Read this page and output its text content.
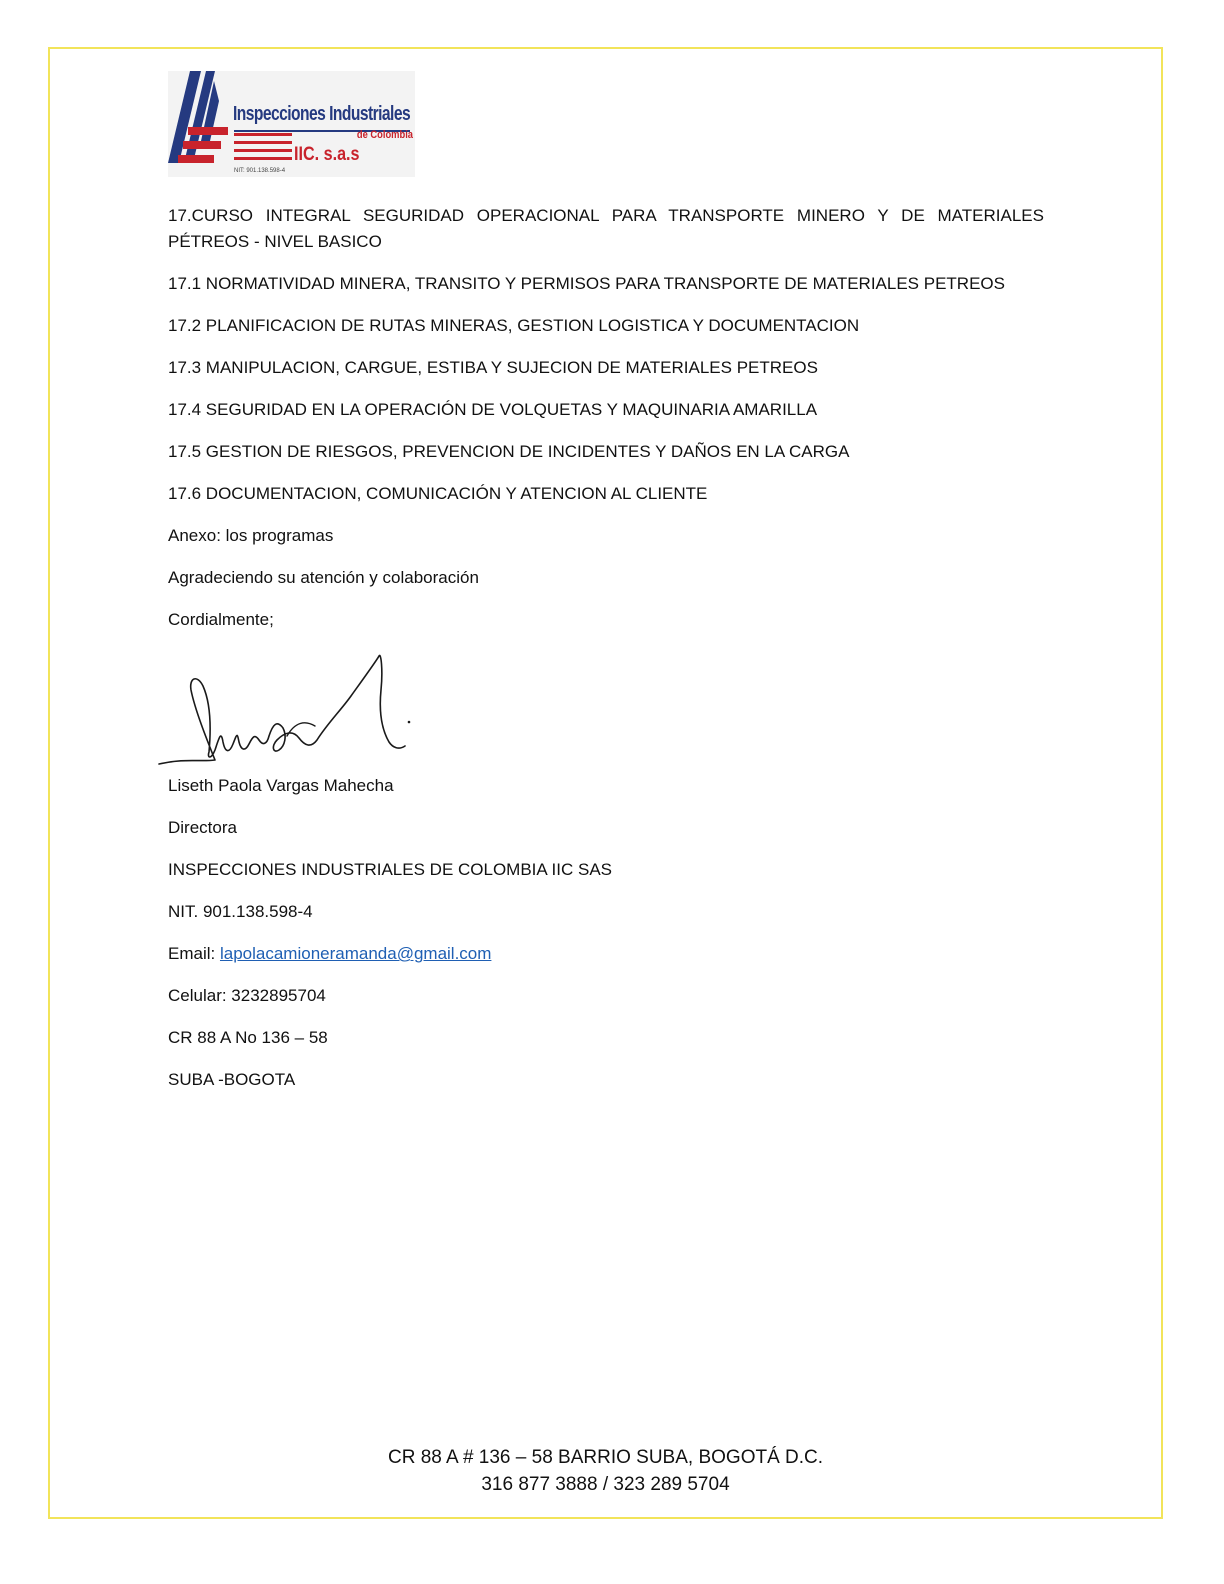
Inspecciones Industriales
de Colombia
IIC. s.a.s
NIT: 901.138.598-4

17.CURSO INTEGRAL SEGURIDAD OPERACIONAL PARA TRANSPORTE MINERO Y DE MATERIALES PÉTREOS - NIVEL BASICO

17.1 NORMATIVIDAD MINERA, TRANSITO Y PERMISOS PARA TRANSPORTE DE MATERIALES PETREOS

17.2 PLANIFICACION DE RUTAS MINERAS, GESTION LOGISTICA Y DOCUMENTACION

17.3 MANIPULACION, CARGUE, ESTIBA Y SUJECION DE MATERIALES PETREOS

17.4 SEGURIDAD EN LA OPERACIÓN DE VOLQUETAS Y MAQUINARIA AMARILLA

17.5 GESTION DE RIESGOS, PREVENCION DE INCIDENTES Y DAÑOS EN LA CARGA

17.6 DOCUMENTACION, COMUNICACIÓN Y ATENCION AL CLIENTE

Anexo: los programas

Agradeciendo su atención y colaboración

Cordialmente;

Liseth Paola Vargas Mahecha

Directora

INSPECCIONES INDUSTRIALES DE COLOMBIA IIC SAS

NIT. 901.138.598-4

Email: lapolacamioneramanda@gmail.com

Celular: 3232895704

CR 88 A No 136 – 58

SUBA -BOGOTA

CR 88 A # 136 – 58 BARRIO SUBA, BOGOTÁ D.C.
316 877 3888 / 323 289 5704
